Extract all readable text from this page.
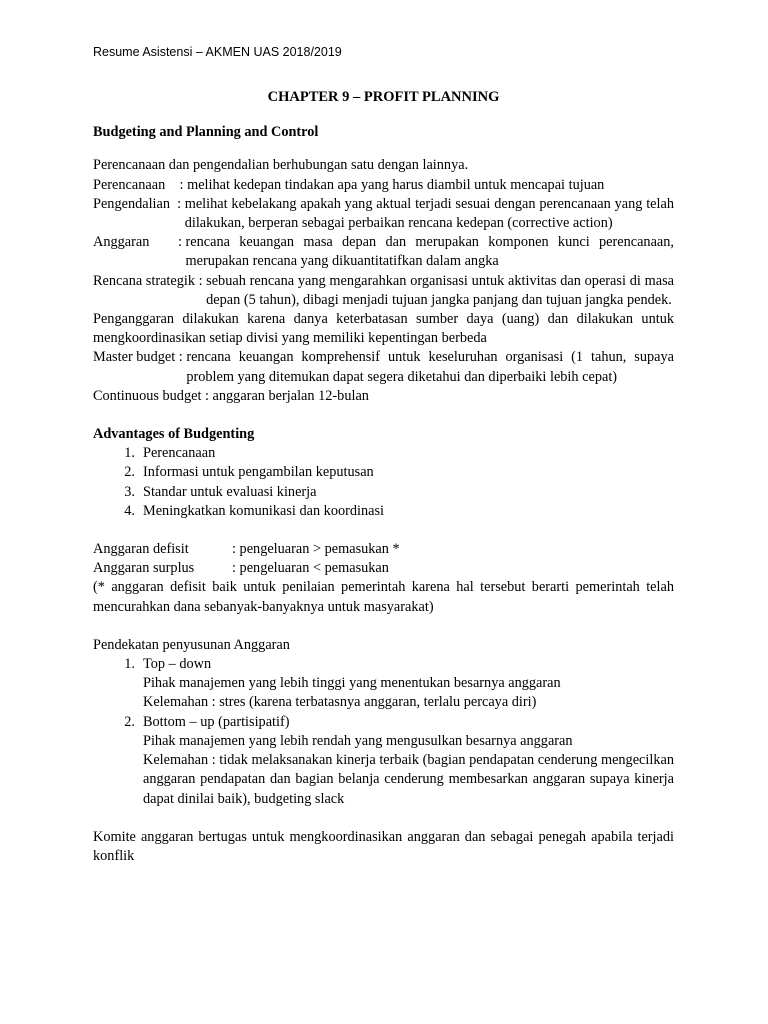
Resume Asistensi – AKMEN UAS 2018/2019
CHAPTER 9 – PROFIT PLANNING
Budgeting and Planning and Control

Perencanaan dan pengendalian berhubungan satu dengan lainnya.

Perencanaan    : melihat kedepan tindakan apa yang harus diambil untuk mencapai tujuan
Pengendalian  : melihat kebelakang apakah yang aktual terjadi sesuai dengan perencanaan yang telah dilakukan, berperan sebagai perbaikan rencana kedepan (corrective action)
Anggaran        : rencana keuangan masa depan dan merupakan komponen kunci perencanaan, merupakan rencana yang dikuantitatifkan dalam angka
Rencana strategik : sebuah rencana yang mengarahkan organisasi untuk aktivitas dan operasi di masa depan (5 tahun), dibagi menjadi tujuan jangka panjang dan tujuan jangka pendek.

Penganggaran dilakukan karena danya keterbatasan sumber daya (uang) dan dilakukan untuk mengkoordinasikan setiap divisi yang memiliki kepentingan berbeda

Master budget : rencana keuangan komprehensif untuk keseluruhan organisasi (1 tahun, supaya problem yang ditemukan dapat segera diketahui dan diperbaiki lebih cepat)

Continuous budget : anggaran berjalan 12-bulan

Advantages of Budgenting
1. Perencanaan
2. Informasi untuk pengambilan keputusan
3. Standar untuk evaluasi kinerja
4. Meningkatkan komunikasi dan koordinasi
Anggaran defisit	: pengeluaran > pemasukan *
Anggaran surplus	: pengeluaran < pemasukan

(* anggaran defisit baik untuk penilaian pemerintah karena hal tersebut berarti pemerintah telah mencurahkan dana sebanyak-banyaknya untuk masyarakat)

Pendekatan penyusunan Anggaran

1. Top – down
Pihak manajemen yang lebih tinggi yang menentukan besarnya anggaran
Kelemahan : stres (karena terbatasnya anggaran, terlalu percaya diri)
2. Bottom – up (partisipatif)
Pihak manajemen yang lebih rendah yang mengusulkan besarnya anggaran
Kelemahan : tidak melaksanakan kinerja terbaik (bagian pendapatan cenderung mengecilkan anggaran pendapatan dan bagian belanja cenderung membesarkan anggaran supaya kinerja dapat dinilai baik), budgeting slack

Komite anggaran bertugas untuk mengkoordinasikan anggaran dan sebagai penegah apabila terjadi konflik
